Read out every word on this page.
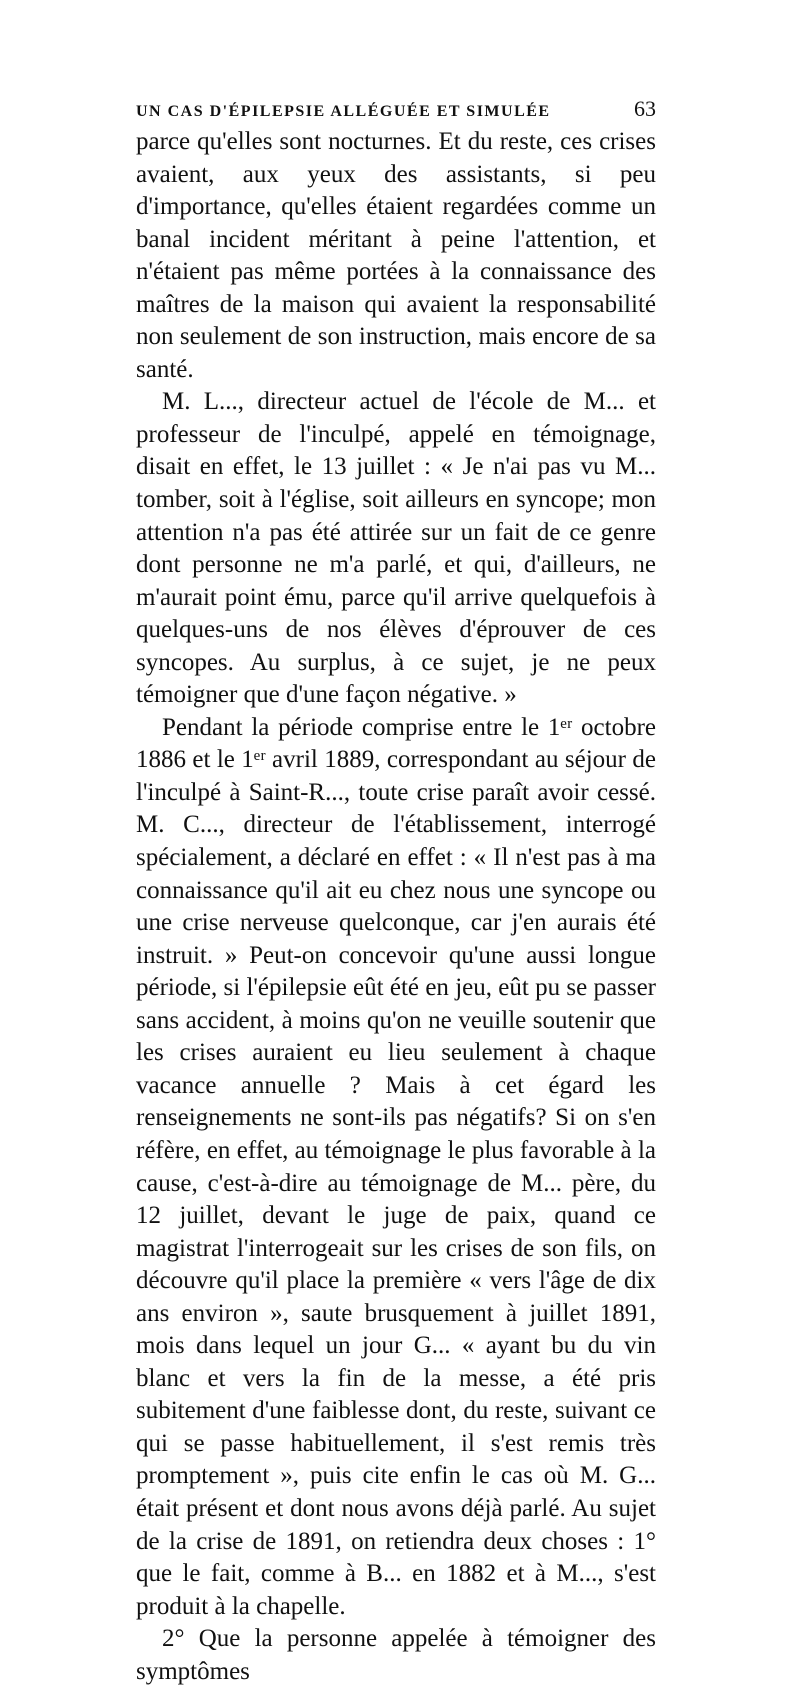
UN CAS D'ÉPILEPSIE ALLÉGUÉE ET SIMULÉE	63

parce qu'elles sont nocturnes. Et du reste, ces crises avaient, aux yeux des assistants, si peu d'importance, qu'elles étaient regardées comme un banal incident méritant à peine l'attention, et n'étaient pas même portées à la connaissance des maîtres de la maison qui avaient la responsabilité non seulement de son instruction, mais encore de sa santé.

M. L..., directeur actuel de l'école de M... et professeur de l'inculpé, appelé en témoignage, disait en effet, le 13 juillet : « Je n'ai pas vu M... tomber, soit à l'église, soit ailleurs en syncope; mon attention n'a pas été attirée sur un fait de ce genre dont personne ne m'a parlé, et qui, d'ailleurs, ne m'aurait point ému, parce qu'il arrive quelquefois à quelques-uns de nos élèves d'éprouver de ces syncopes. Au surplus, à ce sujet, je ne peux témoigner que d'une façon négative. »

Pendant la période comprise entre le 1ᵉʳ octobre 1886 et le 1ᵉʳ avril 1889, correspondant au séjour de l'inculpé à Saint-R..., toute crise paraît avoir cessé. M. C..., directeur de l'établissement, interrogé spécialement, a déclaré en effet : « Il n'est pas à ma connaissance qu'il ait eu chez nous une syncope ou une crise nerveuse quelconque, car j'en aurais été instruit. » Peut-on concevoir qu'une aussi longue période, si l'épilepsie eût été en jeu, eût pu se passer sans accident, à moins qu'on ne veuille soutenir que les crises auraient eu lieu seulement à chaque vacance annuelle ? Mais à cet égard les renseignements ne sont-ils pas négatifs? Si on s'en réfère, en effet, au témoignage le plus favorable à la cause, c'est-à-dire au témoignage de M... père, du 12 juillet, devant le juge de paix, quand ce magistrat l'interrogeait sur les crises de son fils, on découvre qu'il place la première « vers l'âge de dix ans environ », saute brusquement à juillet 1891, mois dans lequel un jour G... « ayant bu du vin blanc et vers la fin de la messe, a été pris subitement d'une faiblesse dont, du reste, suivant ce qui se passe habituellement, il s'est remis très promptement », puis cite enfin le cas où M. G... était présent et dont nous avons déjà parlé. Au sujet de la crise de 1891, on retiendra deux choses : 1° que le fait, comme à B... en 1882 et à M..., s'est produit à la chapelle.

2° Que la personne appelée à témoigner des symptômes
